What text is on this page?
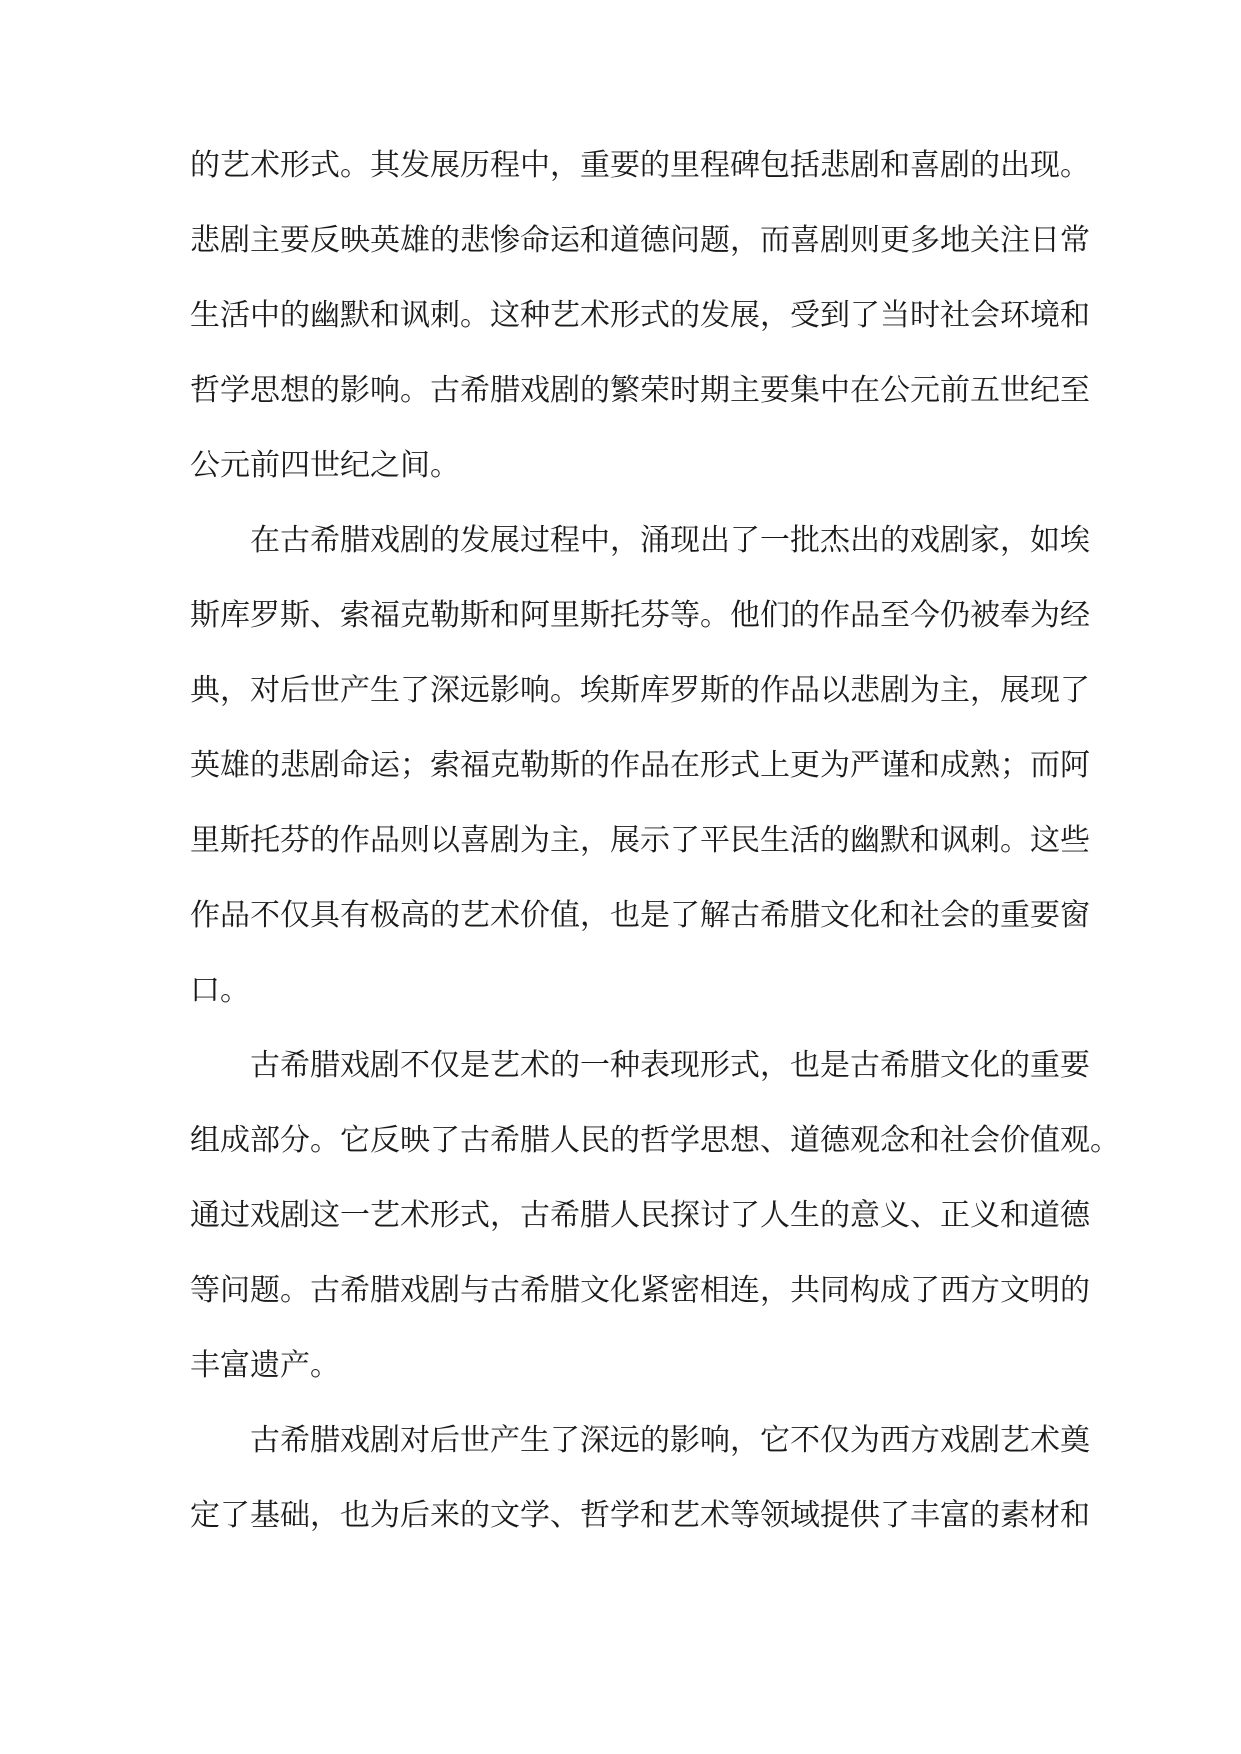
的艺术形式。其发展历程中，重要的里程碑包括悲剧和喜剧的出现。
悲剧主要反映英雄的悲惨命运和道德问题，而喜剧则更多地关注日常
生活中的幽默和讽刺。这种艺术形式的发展，受到了当时社会环境和
哲学思想的影响。古希腊戏剧的繁荣时期主要集中在公元前五世纪至
公元前四世纪之间。
在古希腊戏剧的发展过程中，涌现出了一批杰出的戏剧家，如埃
斯库罗斯、索福克勒斯和阿里斯托芬等。他们的作品至今仍被奉为经
典，对后世产生了深远影响。埃斯库罗斯的作品以悲剧为主，展现了
英雄的悲剧命运；索福克勒斯的作品在形式上更为严谨和成熟；而阿
里斯托芬的作品则以喜剧为主，展示了平民生活的幽默和讽刺。这些
作品不仅具有极高的艺术价值，也是了解古希腊文化和社会的重要窗
口。
古希腊戏剧不仅是艺术的一种表现形式，也是古希腊文化的重要
组成部分。它反映了古希腊人民的哲学思想、道德观念和社会价值观。
通过戏剧这一艺术形式，古希腊人民探讨了人生的意义、正义和道德
等问题。古希腊戏剧与古希腊文化紧密相连，共同构成了西方文明的
丰富遗产。
古希腊戏剧对后世产生了深远的影响，它不仅为西方戏剧艺术奠
定了基础，也为后来的文学、哲学和艺术等领域提供了丰富的素材和
